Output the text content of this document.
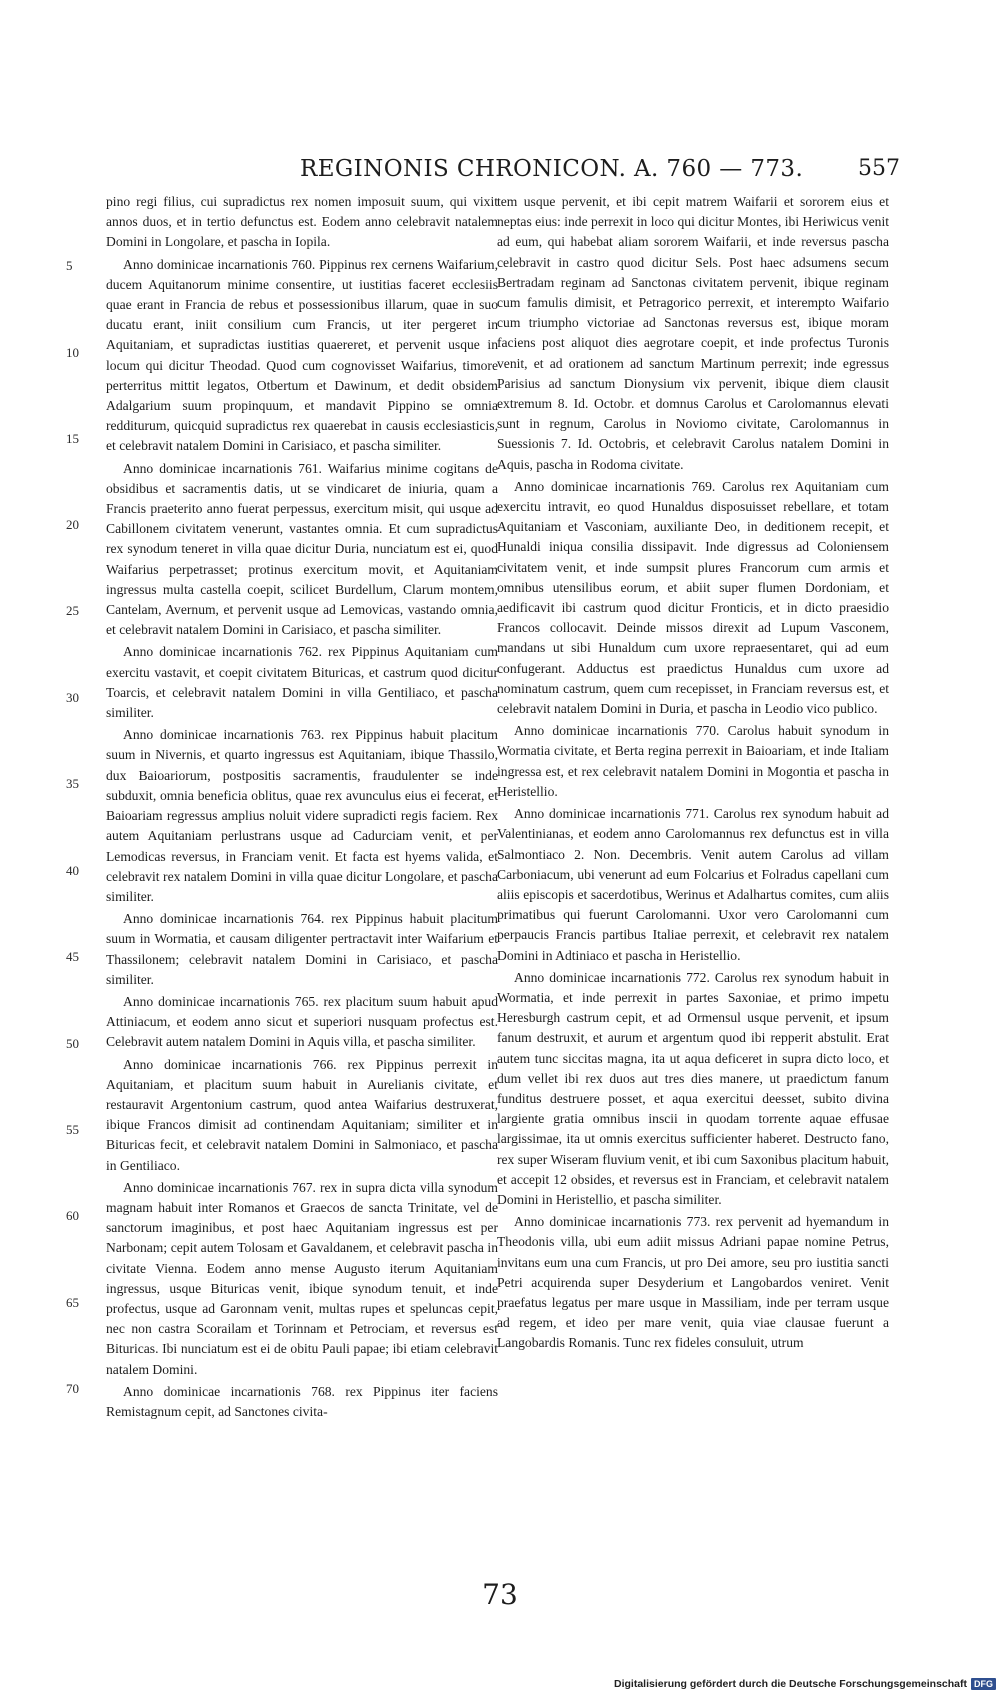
REGINONIS CHRONICON. A. 760 — 773. 557
5
10
15
20
25
30
35
40
45
50
55
60
65
70

pino regi filius, cui supradictus rex nomen imposuit suum, qui vixit annos duos, et in tertio defunctus est. Eodem anno celebravit natalem Domini in Longolare, et pascha in Iopila.

Anno dominicae incarnationis 760. Pippinus rex cernens Waifarium, ducem Aquitanorum minime consentire, ut iustitias faceret ecclesiis quae erant in Francia de rebus et possessionibus illarum, quae in suo ducatu erant, iniit consilium cum Francis, ut iter pergeret in Aquitaniam, et supradictas iustitias quaereret, et pervenit usque in locum qui dicitur Theodad. Quod cum cognovisset Waifarius, timore perterritus mittit legatos, Otbertum et Dawinum, et dedit obsidem Adalgarium suum propinquum, et mandavit Pippino se omnia redditurum, quicquid supradictus rex quaerebat in causis ecclesiasticis, et celebravit natalem Domini in Carisiaco, et pascha similiter.

Anno dominicae incarnationis 761. Waifarius minime cogitans de obsidibus et sacramentis datis, ut se vindicaret de iniuria, quam a Francis praeterito anno fuerat perpessus, exercitum misit, qui usque ad Cabillonem civitatem venerunt, vastantes omnia. Et cum supradictus rex synodum teneret in villa quae dicitur Duria, nunciatum est ei, quod Waifarius perpetrasset; protinus exercitum movit, et Aquitaniam ingressus multa castella coepit, scilicet Burdellum, Clarum montem, Cantelam, Avernum, et pervenit usque ad Lemovicas, vastando omnia, et celebravit natalem Domini in Carisiaco, et pascha similiter.

Anno dominicae incarnationis 762. rex Pippinus Aquitaniam cum exercitu vastavit, et coepit civitatem Bituricas, et castrum quod dicitur Toarcis, et celebravit natalem Domini in villa Gentiliaco, et pascha similiter.

Anno dominicae incarnationis 763. rex Pippinus habuit placitum suum in Nivernis, et quarto ingressus est Aquitaniam, ibique Thassilo, dux Baioariorum, postpositis sacramentis, fraudulenter se inde subduxit, omnia beneficia oblitus, quae rex avunculus eius ei fecerat, et Baioariam regressus amplius noluit videre supradicti regis faciem. Rex autem Aquitaniam perlustrans usque ad Cadurciam venit, et per Lemodicas reversus, in Franciam venit. Et facta est hyems valida, et celebravit rex natalem Domini in villa quae dicitur Longolare, et pascha similiter.

Anno dominicae incarnationis 764. rex Pippinus habuit placitum suum in Wormatia, et causam diligenter pertractavit inter Waifarium et Thassilonem; celebravit natalem Domini in Carisiaco, et pascha similiter.

Anno dominicae incarnationis 765. rex placitum suum habuit apud Attiniacum, et eodem anno sicut et superiori nusquam profectus est. Celebravit autem natalem Domini in Aquis villa, et pascha similiter.

Anno dominicae incarnationis 766. rex Pippinus perrexit in Aquitaniam, et placitum suum habuit in Aurelianis civitate, et restauravit Argentonium castrum, quod antea Waifarius destruxerat, ibique Francos dimisit ad continendam Aquitaniam; similiter et in Bituricas fecit, et celebravit natalem Domini in Salmoniaco, et pascha in Gentiliaco.

Anno dominicae incarnationis 767. rex in supra dicta villa synodum magnam habuit inter Romanos et Graecos de sancta Trinitate, vel de sanctorum imaginibus, et post haec Aquitaniam ingressus est per Narbonam; cepit autem Tolosam et Gavaldanem, et celebravit pascha in civitate Vienna. Eodem anno mense Augusto iterum Aquitaniam ingressus, usque Bituricas venit, ibique synodum tenuit, et inde profectus, usque ad Garonnam venit, multas rupes et speluncas cepit, nec non castra Scorailam et Torinnam et Petrociam, et reversus est Bituricas. Ibi nunciatum est ei de obitu Pauli papae; ibi etiam celebravit natalem Domini.

Anno dominicae incarnationis 768. rex Pippinus iter faciens Remistagnum cepit, ad Sanctones civita-

tem usque pervenit, et ibi cepit matrem Waifarii et sororem eius et neptas eius: inde perrexit in loco qui dicitur Montes, ibi Heriwicus venit ad eum, qui habebat aliam sororem Waifarii, et inde reversus pascha celebravit in castro quod dicitur Sels. Post haec adsumens secum Bertradam reginam ad Sanctonas civitatem pervenit, ibique reginam cum famulis dimisit, et Petragorico perrexit, et interempto Waifario cum triumpho victoriae ad Sanctonas reversus est, ibique moram faciens post aliquot dies aegrotare coepit, et inde profectus Turonis venit, et ad orationem ad sanctum Martinum perrexit; inde egressus Parisius ad sanctum Dionysium vix pervenit, ibique diem clausit extremum 8. Id. Octobr. et domnus Carolus et Carolomannus elevati sunt in regnum, Carolus in Noviomo civitate, Carolomannus in Suessionis 7. Id. Octobris, et celebravit Carolus natalem Domini in Aquis, pascha in Rodoma civitate.

Anno dominicae incarnationis 769. Carolus rex Aquitaniam cum exercitu intravit, eo quod Hunaldus disposuisset rebellare, et totam Aquitaniam et Vasconiam, auxiliante Deo, in deditionem recepit, et Hunaldi iniqua consilia dissipavit. Inde digressus ad Coloniensem civitatem venit, et inde sumpsit plures Francorum cum armis et omnibus utensilibus eorum, et abiit super flumen Dordoniam, et aedificavit ibi castrum quod dicitur Fronticis, et in dicto praesidio Francos collocavit. Deinde missos direxit ad Lupum Vasconem, mandans ut sibi Hunaldum cum uxore repraesentaret, qui ad eum confugerant. Adductus est praedictus Hunaldus cum uxore ad nominatum castrum, quem cum recepisset, in Franciam reversus est, et celebravit natalem Domini in Duria, et pascha in Leodio vico publico.

Anno dominicae incarnationis 770. Carolus habuit synodum in Wormatia civitate, et Berta regina perrexit in Baioariam, et inde Italiam ingressa est, et rex celebravit natalem Domini in Mogontia et pascha in Heristellio.

Anno dominicae incarnationis 771. Carolus rex synodum habuit ad Valentinianas, et eodem anno Carolomannus rex defunctus est in villa Salmontiaco 2. Non. Decembris. Venit autem Carolus ad villam Carboniacum, ubi venerunt ad eum Folcarius et Folradus capellani cum aliis episcopis et sacerdotibus, Werinus et Adalhartus comites, cum aliis primatibus qui fuerunt Carolomanni. Uxor vero Carolomanni cum perpaucis Francis partibus Italiae perrexit, et celebravit rex natalem Domini in Adtiniaco et pascha in Heristellio.

Anno dominicae incarnationis 772. Carolus rex synodum habuit in Wormatia, et inde perrexit in partes Saxoniae, et primo impetu Heresburgh castrum cepit, et ad Ormensul usque pervenit, et ipsum fanum destruxit, et aurum et argentum quod ibi repperit abstulit. Erat autem tunc siccitas magna, ita ut aqua deficeret in supra dicto loco, et dum vellet ibi rex duos aut tres dies manere, ut praedictum fanum funditus destruere posset, et aqua exercitui deesset, subito divina largiente gratia omnibus inscii in quodam torrente aquae effusae largissimae, ita ut omnis exercitus sufficienter haberet. Destructo fano, rex super Wiseram fluvium venit, et ibi cum Saxonibus placitum habuit, et accepit 12 obsides, et reversus est in Franciam, et celebravit natalem Domini in Heristellio, et pascha similiter.

Anno dominicae incarnationis 773. rex pervenit ad hyemandum in Theodonis villa, ubi eum adiit missus Adriani papae nomine Petrus, invitans eum una cum Francis, ut pro Dei amore, seu pro iustitia sancti Petri acquirenda super Desyderium et Langobardos veniret. Venit praefatus legatus per mare usque in Massiliam, inde per terram usque ad regem, et ideo per mare venit, quia viae clausae fuerunt a Langobardis Romanis. Tunc rex fideles consuluit, utrum

73
Digitalisierung gefördert durch die Deutsche Forschungsgemeinschaft DFG
